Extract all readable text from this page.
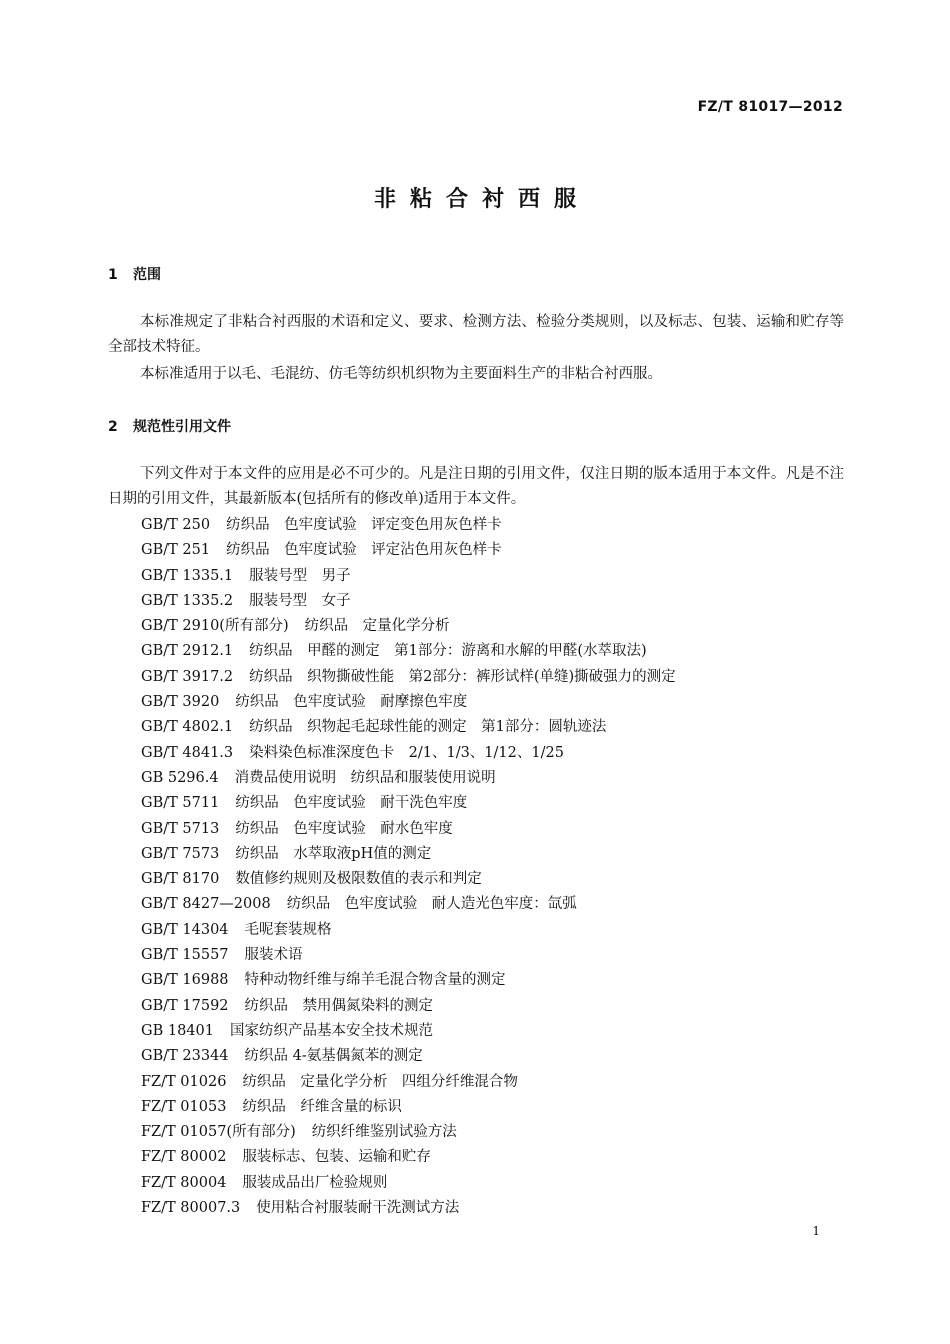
FZ/T 81017—2012
非粘合衬西服
1 范围

本标准规定了非粘合衬西服的术语和定义、要求、检测方法、检验分类规则，以及标志、包装、运输和贮存等全部技术特征。

本标准适用于以毛、毛混纺、仿毛等纺织机织物为主要面料生产的非粘合衬西服。

2 规范性引用文件

下列文件对于本文件的应用是必不可少的。凡是注日期的引用文件，仅注日期的版本适用于本文件。凡是不注日期的引用文件，其最新版本(包括所有的修改单)适用于本文件。

GB/T 250 纺织品　色牢度试验　评定变色用灰色样卡
GB/T 251 纺织品　色牢度试验　评定沾色用灰色样卡
GB/T 1335.1 服装号型　男子
GB/T 1335.2 服装号型　女子
GB/T 2910(所有部分) 纺织品　定量化学分析
GB/T 2912.1 纺织品　甲醛的测定　第1部分：游离和水解的甲醛(水萃取法)
GB/T 3917.2 纺织品　织物撕破性能　第2部分：裤形试样(单缝)撕破强力的测定
GB/T 3920 纺织品　色牢度试验　耐摩擦色牢度
GB/T 4802.1 纺织品　织物起毛起球性能的测定　第1部分：圆轨迹法
GB/T 4841.3 染料染色标准深度色卡　2/1、1/3、1/12、1/25
GB 5296.4 消费品使用说明　纺织品和服装使用说明
GB/T 5711 纺织品　色牢度试验　耐干洗色牢度
GB/T 5713 纺织品　色牢度试验　耐水色牢度
GB/T 7573 纺织品　水萃取液pH值的测定
GB/T 8170 数值修约规则及极限数值的表示和判定
GB/T 8427—2008 纺织品　色牢度试验　耐人造光色牢度：氙弧
GB/T 14304 毛呢套装规格
GB/T 15557 服装术语
GB/T 16988 特种动物纤维与绵羊毛混合物含量的测定
GB/T 17592 纺织品　禁用偶氮染料的测定
GB 18401 国家纺织产品基本安全技术规范
GB/T 23344 纺织品 4-氨基偶氮苯的测定
FZ/T 01026 纺织品　定量化学分析　四组分纤维混合物
FZ/T 01053 纺织品　纤维含量的标识
FZ/T 01057(所有部分) 纺织纤维鉴别试验方法
FZ/T 80002 服装标志、包装、运输和贮存
FZ/T 80004 服装成品出厂检验规则
FZ/T 80007.3 使用粘合衬服装耐干洗测试方法
1
